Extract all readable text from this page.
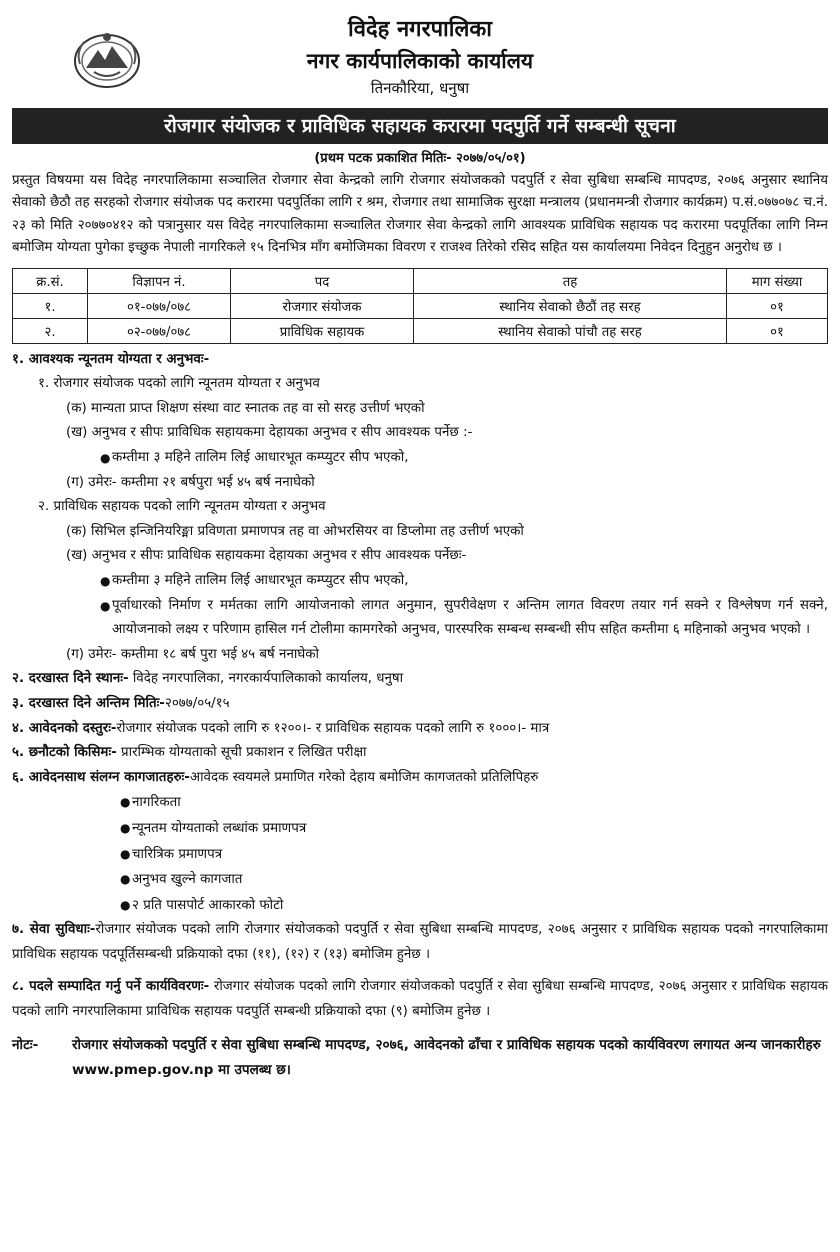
विदेह नगरपालिका
नगर कार्यपालिकाको कार्यालय
तिनकौरिया, धनुषा
रोजगार संयोजक र प्राविधिक सहायक करारमा पदपुर्ति गर्ने सम्बन्धी सूचना
(प्रथम पटक प्रकाशित मितिः- २०७७/०५/०१)

प्रस्तुत विषयमा यस विदेह नगरपालिकामा सञ्चालित रोजगार सेवा केन्द्रको लागि रोजगार संयोजकको पदपुर्ति र सेवा सुबिधा सम्बन्धि मापदण्ड, २०७६ अनुसार स्थानिय सेवाको छैठौ तह सरहको रोजगार संयोजक पद करारमा पदपुर्तिका लागि र श्रम, रोजगार तथा सामाजिक सुरक्षा मन्त्रालय (प्रधानमन्त्री रोजगार कार्यक्रम) प.सं.०७७०७८ च.नं. २३ को मिति २०७७०४१२ को पत्रानुसार यस विदेह नगरपालिकामा सञ्चालित रोजगार सेवा केन्द्रको लागि आवश्यक प्राविधिक सहायक पद करारमा पदपूर्तिका लागि निम्न बमोजिम योग्यता पुगेका इच्छुक नेपाली नागरिकले १५ दिनभित्र माँग बमोजिमका विवरण र राजश्व तिरेको रसिद सहित यस कार्यालयमा निवेदन दिनुहुन अनुरोध छ ।

क्र.सं.	विज्ञापन नं.	पद	तह	माग संख्या
१.	०१-०७७/०७८	रोजगार संयोजक	स्थानिय सेवाको छैठौं तह सरह	०१
२.	०२-०७७/०७८	प्राविधिक सहायक	स्थानिय सेवाको पांचौ तह सरह	०१
१. आवश्यक न्यूनतम योग्यता र अनुभवः-
१. रोजगार संयोजक पदको लागि न्यूनतम योग्यता र अनुभव
(क) मान्यता प्राप्त शिक्षण संस्था वाट स्नातक तह वा सो सरह उत्तीर्ण भएको
(ख) अनुभव र सीपः प्राविधिक सहायकमा देहायका अनुभव र सीप आवश्यक पर्नेछ :-
● कम्तीमा ३ महिने तालिम लिई आधारभूत कम्प्युटर सीप भएको,
(ग) उमेरः- कम्तीमा २१ बर्षपुरा भई ४५ बर्ष ननाघेको
२. प्राविधिक सहायक पदको लागि न्यूनतम योग्यता र अनुभव
(क) सिभिल इन्जिनियरिङ्मा प्रविणता प्रमाणपत्र तह वा ओभरसियर वा डिप्लोमा तह उत्तीर्ण भएको
(ख) अनुभव र सीपः प्राविधिक सहायकमा देहायका अनुभव र सीप आवश्यक पर्नेछः-
● कम्तीमा ३ महिने तालिम लिई आधारभूत कम्प्युटर सीप भएको,
● पूर्वाधारको निर्माण र मर्मतका लागि आयोजनाको लागत अनुमान, सुपरीवेक्षण र अन्तिम लागत विवरण तयार गर्न सक्ने र विश्लेषण गर्न सक्ने, आयोजनाको लक्ष्य र परिणाम हासिल गर्न टोलीमा कामगरेको अनुभव, पारस्परिक सम्बन्ध सम्बन्धी सीप सहित कम्तीमा ६ महिनाको अनुभव भएको ।
(ग) उमेरः- कम्तीमा १८ बर्ष पुरा भई ४५ बर्ष ननाघेको
२. दरखास्त दिने स्थानः- विदेह नगरपालिका, नगरकार्यपालिकाको कार्यालय, धनुषा
३. दरखास्त दिने अन्तिम मितिः-२०७७/०५/१५
४. आवेदनको दस्तुरः-रोजगार संयोजक पदको लागि रु १२००।- र प्राविधिक सहायक पदको लागि रु १०००।- मात्र
५. छनौटको किसिमः- प्रारम्भिक योग्यताको सूची प्रकाशन र लिखित परीक्षा
६. आवेदनसाथ संलग्न कागजातहरुः-आवेदक स्वयमले प्रमाणित गरेको देहाय बमोजिम कागजतको प्रतिलिपिहरु
● नागरिकता
● न्यूनतम योग्यताको लब्धांक प्रमाणपत्र
● चारित्रिक प्रमाणपत्र
● अनुभव खुल्ने कागजात
● २ प्रति पासपोर्ट आकारको फोटो
७. सेवा सुविधाः-रोजगार संयोजक पदको लागि रोजगार संयोजकको पदपुर्ति र सेवा सुबिधा सम्बन्धि मापदण्ड, २०७६ अनुसार र प्राविधिक सहायक पदको नगरपालिकामा प्राविधिक सहायक पदपूर्तिसम्बन्धी प्रक्रियाको दफा (११), (१२) र (१३) बमोजिम हुनेछ ।
८. पदले सम्पादित गर्नु पर्ने कार्यविवरणः- रोजगार संयोजक पदको लागि रोजगार संयोजकको पदपुर्ति र सेवा सुबिधा सम्बन्धि मापदण्ड, २०७६ अनुसार र प्राविधिक सहायक पदको लागि नगरपालिकामा प्राविधिक सहायक पदपुर्ति सम्बन्धी प्रक्रियाको दफा (९) बमोजिम हुनेछ ।
नोटः-	रोजगार संयोजकको पदपुर्ति र सेवा सुबिधा सम्बन्धि मापदण्ड, २०७६, आवेदनको ढाँचा र प्राविधिक सहायक पदको कार्यविवरण लगायत अन्य जानकारीहरु www.pmep.gov.np मा उपलब्ध छ।
